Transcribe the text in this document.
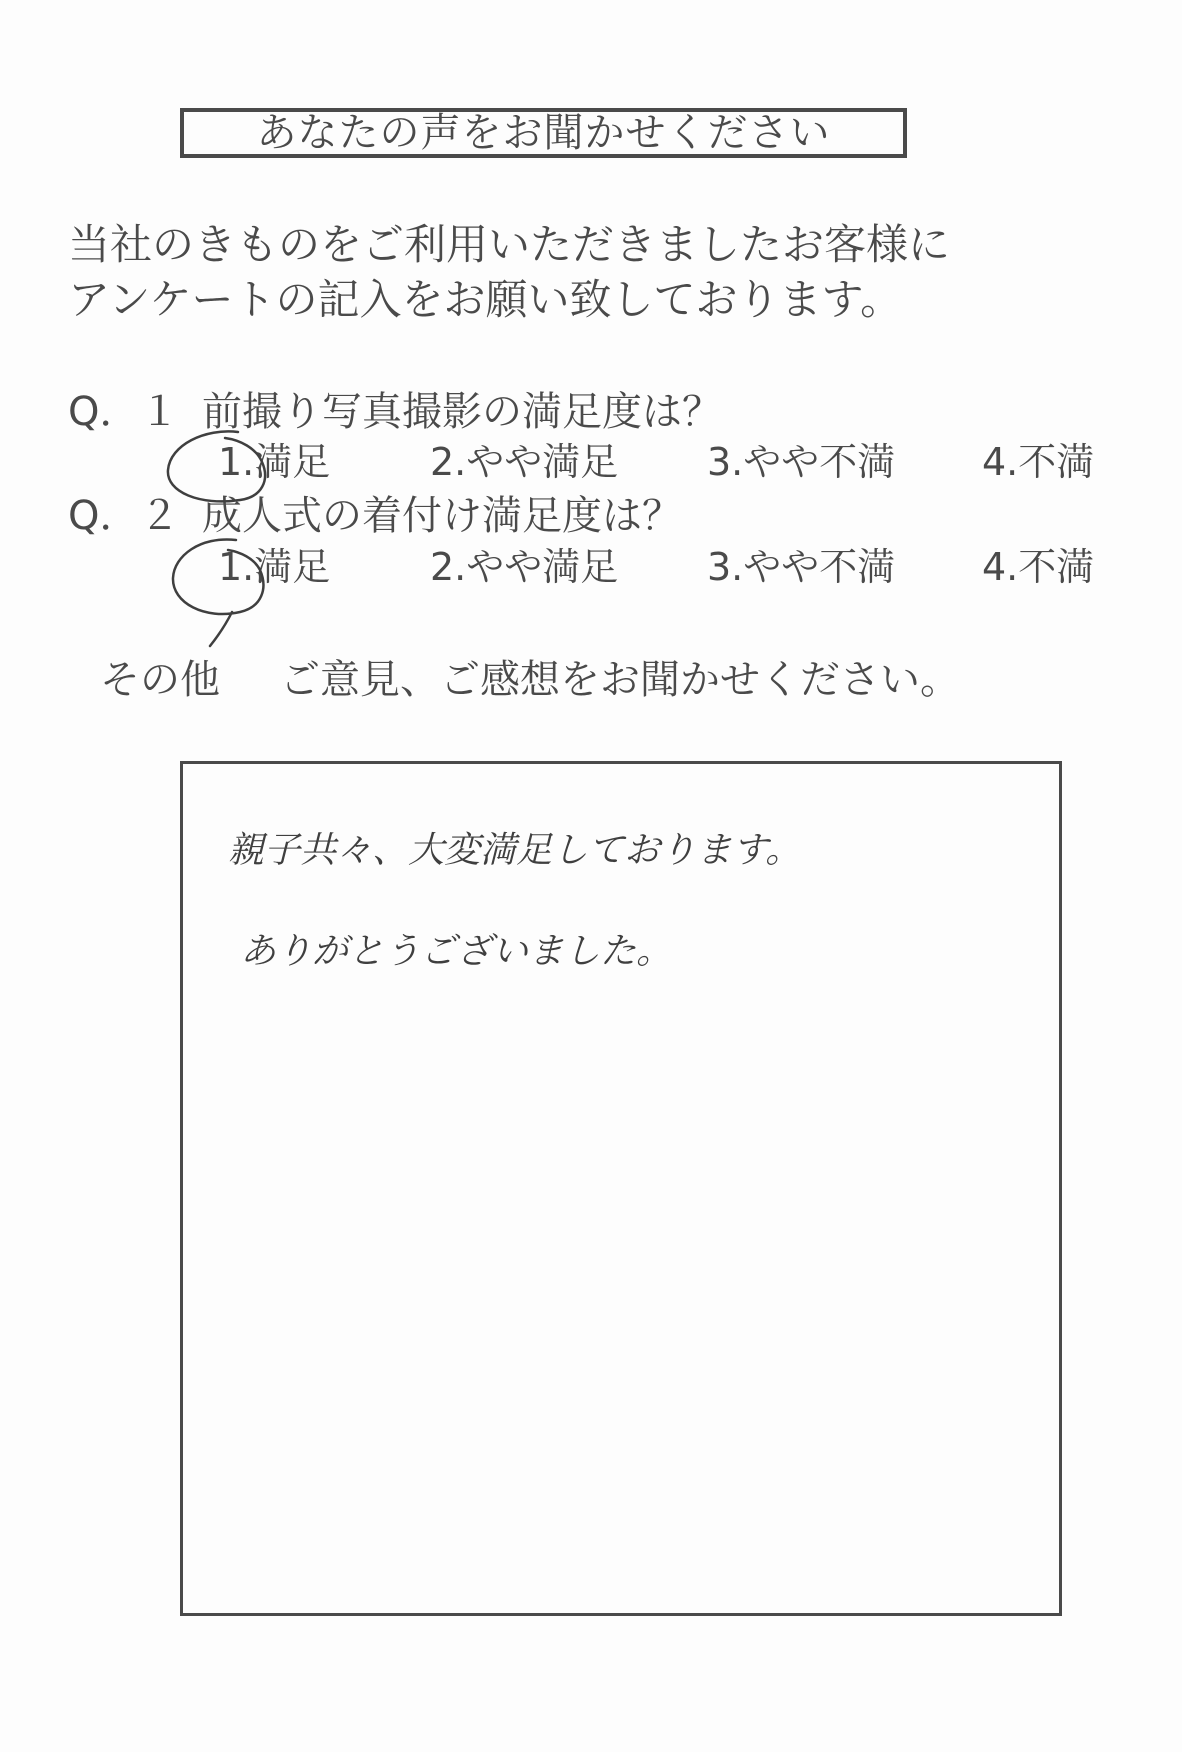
あなたの声をお聞かせください
当社のきものをご利用いただきましたお客様に
アンケートの記入をお願い致しております。
Q．１ 前撮り写真撮影の満足度は？
1.満足	2.やや満足 3.やや不満 4.不満
Q．２ 成人式の着付け満足度は？
1.満足	2.やや満足 3.やや不満 4.不満
その他 ご意見、ご感想をお聞かせください。
親子共々、大変満足しております。
ありがとうございました。
